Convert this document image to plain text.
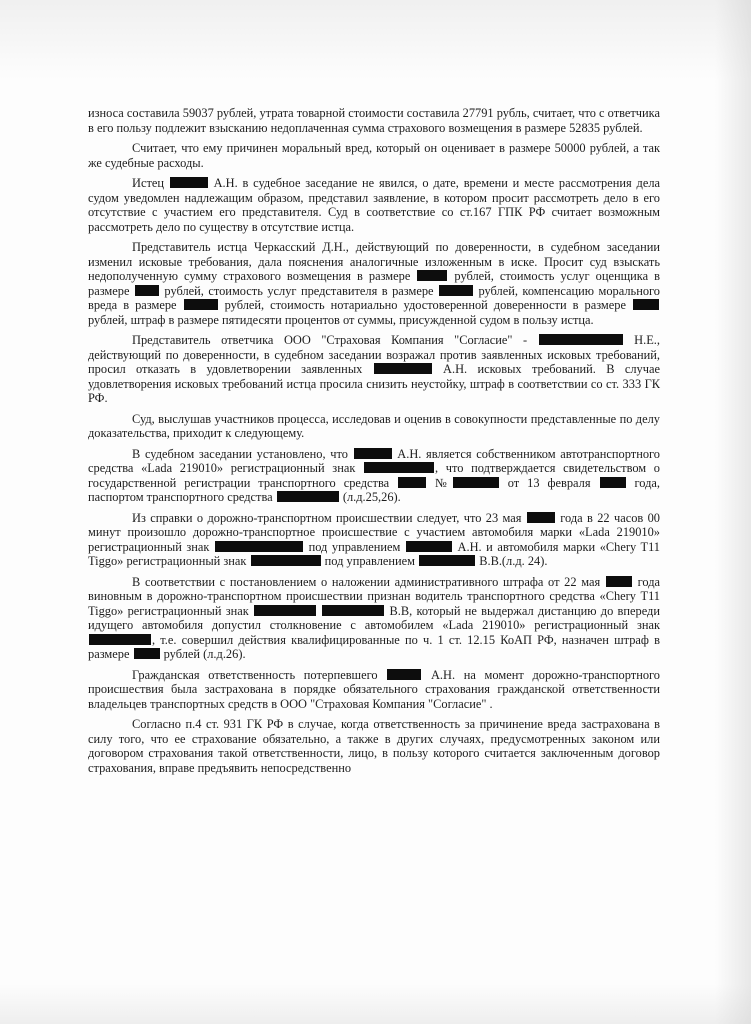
износа составила 59037 рублей, утрата товарной стоимости составила 27791 рубль, считает, что с ответчика в его пользу подлежит взысканию недоплаченная сумма страхового возмещения в размере 52835 рублей.

Считает, что ему причинен моральный вред, который он оценивает в размере 50000 рублей, а так же судебные расходы.

Истец	А.Н. в судебное заседание не явился, о дате, времени и месте рассмотрения дела судом уведомлен надлежащим образом, представил заявление, в котором просит рассмотреть дело в его отсутствие с участием его представителя. Суд в соответствие со ст.167 ГПК РФ считает возможным рассмотреть дело по существу в отсутствие истца.

Представитель истца Черкасский Д.Н., действующий по доверенности, в судебном заседании изменил исковые требования, дала пояснения аналогичные изложенным в иске. Просит суд взыскать недополученную сумму страхового возмещения в размере	рублей, стоимость услуг оценщика в размере  рублей, стоимость услуг представителя в размере	рублей, компенсацию морального вреда в размере	рублей, стоимость нотариально удостоверенной доверенности в размере  рублей, штраф в размере пятидесяти процентов от суммы, присужденной судом в пользу истца.

Представитель ответчика ООО "Страховая Компания "Согласие" -	Н.Е., действующий по доверенности, в судебном заседании возражал против заявленных исковых требований, просил отказать в удовлетворении заявленных	А.Н. исковых требований. В случае удовлетворения исковых требований истца просила снизить неустойку, штраф в соответствии со ст. 333 ГК РФ.

Суд, выслушав участников процесса, исследовав и оценив в совокупности представленные по делу доказательства, приходит к следующему.

В судебном заседании установлено, что	А.Н. является собственником автотранспортного средства «Lada 219010» регистрационный знак	, что подтверждается свидетельством о государственной регистрации транспортного средства  №	от 13 февраля  года, паспортом транспортного средства	(л.д.25,26).

Из справки о дорожно-транспортном происшествии следует, что 23 мая  года в 22 часов 00 минут произошло дорожно-транспортное происшествие с участием автомобиля марки «Lada 219010» регистрационный знак	под управлением	А.Н. и автомобиля марки «Chery T11 Tiggo» регистрационный знак	под управлением	В.В.(л.д. 24).

В соответствии с постановлением о наложении административного штрафа от 22 мая  года виновным в дорожно-транспортном происшествии признан водитель транспортного средства «Chery T11 Tiggo» регистрационный знак	В.В, который не выдержал дистанцию до впереди идущего автомобиля допустил столкновение с автомобилем «Lada 219010» регистрационный знак , т.е. совершил действия квалифицированные по ч. 1 ст. 12.15 КоАП РФ, назначен штраф в размере  рублей (л.д.26).

Гражданская ответственность потерпевшего	А.Н. на момент дорожно-транспортного происшествия была застрахована в порядке обязательного страхования гражданской ответственности владельцев транспортных средств в ООО "Страховая Компания "Согласие" .

Согласно п.4 ст. 931 ГК РФ в случае, когда ответственность за причинение вреда застрахована в силу того, что ее страхование обязательно, а также в других случаях, предусмотренных законом или договором страхования такой ответственности, лицо, в пользу которого считается заключенным договор страхования, вправе предъявить непосредственно
